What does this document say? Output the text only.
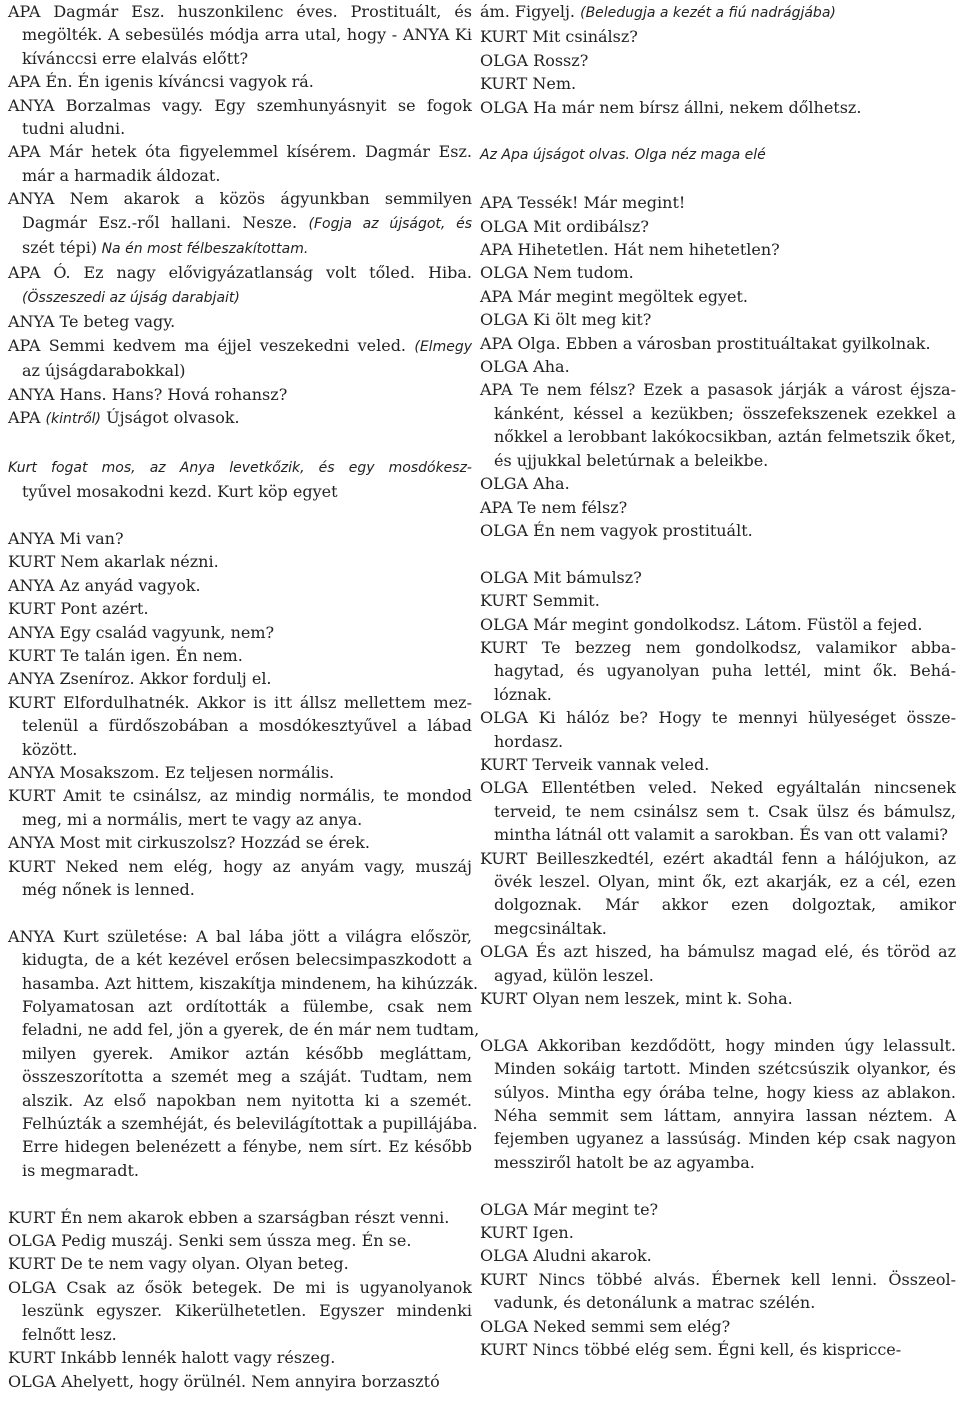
APA Dagmár Esz. huszonkilenc éves. Prostituált, és
megölték. A sebesülés módja arra utal, hogy - ANYA Ki
kívánccsi erre elalvás előtt?
APA Én. Én igenis kíváncsi vagyok rá.
ANYA Borzalmas vagy. Egy szemhunyásnyit se fogok
tudni aludni.
APA Már hetek óta figyelemmel kísérem. Dagmár Esz.
már a harmadik áldozat.
ANYA Nem akarok a közös ágyunkban semmilyen
Dagmár Esz.-ről hallani. Nesze. (Fogja az újságot, és
szét tépi) Na én most félbeszakítottam.
APA Ó. Ez nagy elővigyázatlanság volt tőled. Hiba.
(Összeszedi az újság darabjait)
ANYA Te beteg vagy.
APA Semmi kedvem ma éjjel veszekedni veled. (Elmegy
az újságdarabokkal)
ANYA Hans. Hans? Hová rohansz?
APA (kintről) Újságot olvasok.
Kurt fogat mos, az Anya levetkőzik, és egy mosdókesz-
tyűvel mosakodni kezd. Kurt köp egyet
ANYA Mi van?
KURT Nem akarlak nézni.
ANYA Az anyád vagyok.
KURT Pont azért.
ANYA Egy család vagyunk, nem?
KURT Te talán igen. Én nem.
ANYA Zseníroz. Akkor fordulj el.
KURT Elfordulhatnék. Akkor is itt állsz mellettem mez-
telenül a fürdőszobában a mosdókesztyűvel a lábad
között.
ANYA Mosakszom. Ez teljesen normális.
KURT Amit te csinálsz, az mindig normális, te mondod
meg, mi a normális, mert te vagy az anya.
ANYA Most mit cirkuszolsz? Hozzád se érek.
KURT Neked nem elég, hogy az anyám vagy, muszáj
még nőnek is lenned.
ANYA Kurt születése: A bal lába jött a világra először,
kidugta, de a két kezével erősen belecsimpaszkodott a
hasamba. Azt hittem, kiszakítja mindenem, ha kihúzzák.
Folyamatosan azt ordították a fülembe, csak nem
feladni, ne add fel, jön a gyerek, de én már nem tudtam,
milyen gyerek. Amikor aztán később megláttam,
összeszorította a szemét meg a száját. Tudtam, nem
alszik. Az első napokban nem nyitotta ki a szemét.
Felhúzták a szemhéját, és belevilágítottak a pupillájába.
Erre hidegen belenézett a fénybe, nem sírt. Ez később
is megmaradt.
KURT Én nem akarok ebben a szarságban részt venni.
OLGA Pedig muszáj. Senki sem ússza meg. Én se.
KURT De te nem vagy olyan. Olyan beteg.
OLGA Csak az ősök betegek. De mi is ugyanolyanok
leszünk egyszer. Kikerülhetetlen. Egyszer mindenki
felnőtt lesz.
KURT Inkább lennék halott vagy részeg.
OLGA Ahelyett, hogy örülnél. Nem annyira borzasztó
ám. Figyelj. (Beledugja a kezét a fiú nadrágjába)
KURT Mit csinálsz?
OLGA Rossz?
KURT Nem.
OLGA Ha már nem bírsz állni, nekem dőlhetsz.
Az Apa újságot olvas. Olga néz maga elé
APA Tessék! Már megint!
OLGA Mit ordibálsz?
APA Hihetetlen. Hát nem hihetetlen?
OLGA Nem tudom.
APA Már megint megöltek egyet.
OLGA Ki ölt meg kit?
APA Olga. Ebben a városban prostituáltakat gyilkolnak.
OLGA Aha.
APA Te nem félsz? Ezek a pasasok járják a várost éjsza-
kánként, késsel a kezükben; összefekszenek ezekkel a
nőkkel a lerobbant lakókocsikban, aztán felmetszik őket,
és ujjukkal beletúrnak a beleikbe.
OLGA Aha.
APA Te nem félsz?
OLGA Én nem vagyok prostituált.
OLGA Mit bámulsz?
KURT Semmit.
OLGA Már megint gondolkodsz. Látom. Füstöl a fejed.
KURT Te bezzeg nem gondolkodsz, valamikor abba-
hagytad, és ugyanolyan puha lettél, mint ők. Behá-
lóznak.
OLGA Ki hálóz be? Hogy te mennyi hülyeséget össze-
hordasz.
KURT Terveik vannak veled.
OLGA Ellentétben veled. Neked egyáltalán nincsenek
terveid, te nem csinálsz sem t. Csak ülsz és bámulsz,
mintha látnál ott valamit a sarokban. És van ott valami?
KURT Beilleszkedtél, ezért akadtál fenn a hálójukon, az
övék leszel. Olyan, mint ők, ezt akarják, ez a cél, ezen
dolgoznak. Már akkor ezen dolgoztak, amikor
megcsináltak.
OLGA És azt hiszed, ha bámulsz magad elé, és töröd az
agyad, külön leszel.
KURT Olyan nem leszek, mint k. Soha.
OLGA Akkoriban kezdődött, hogy minden úgy lelassult.
Minden sokáig tartott. Minden szétcsúszik olyankor, és
súlyos. Mintha egy órába telne, hogy kiess az ablakon.
Néha semmit sem láttam, annyira lassan néztem. A
fejemben ugyanez a lassúság. Minden kép csak nagyon
messziről hatolt be az agyamba.
OLGA Már megint te?
KURT Igen.
OLGA Aludni akarok.
KURT Nincs többé alvás. Ébernek kell lenni. Összeol-
vadunk, és detonálunk a matrac szélén.
OLGA Neked semmi sem elég?
KURT Nincs többé elég sem. Égni kell, és kispricce-
